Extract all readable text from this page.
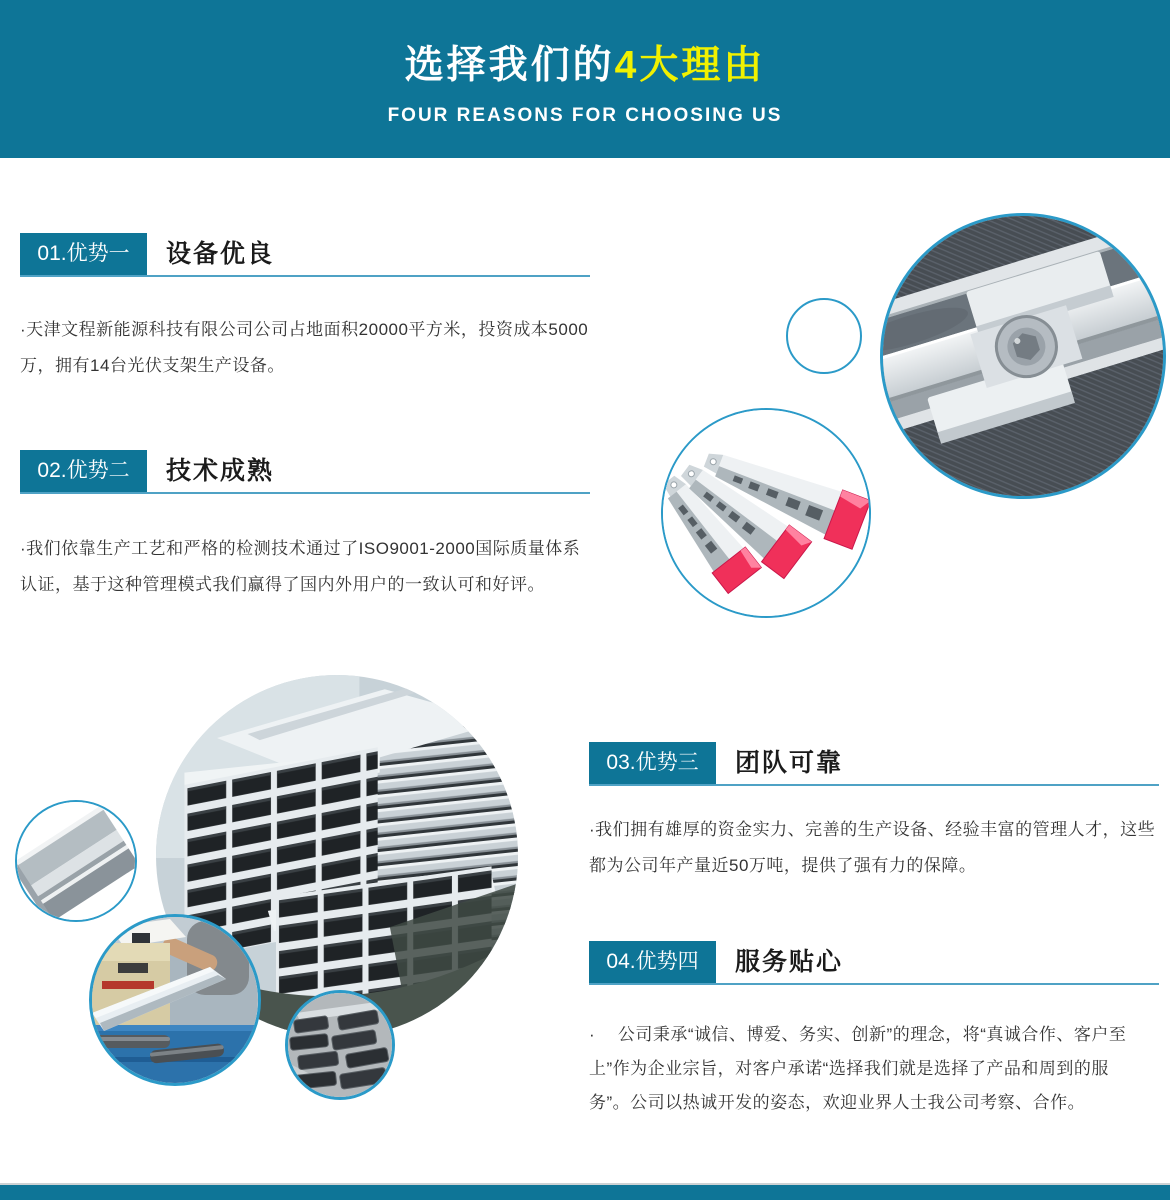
选择我们的4大理由
FOUR REASONS FOR CHOOSING US
01.优势一	设备优良
·天津文程新能源科技有限公司公司占地面积20000平方米，投资成本5000
万，拥有14台光伏支架生产设备。
02.优势二	技术成熟
·我们依靠生产工艺和严格的检测技术通过了ISO9001-2000国际质量体系
认证，基于这种管理模式我们赢得了国内外用户的一致认可和好评。
03.优势三	团队可靠
·我们拥有雄厚的资金实力、完善的生产设备、经验丰富的管理人才，这些
都为公司年产量近50万吨，提供了强有力的保障。
04.优势四	服务贴心
·　 公司秉承“诚信、博爱、务实、创新”的理念，将“真诚合作、客户至
上”作为企业宗旨，对客户承诺“选择我们就是选择了产品和周到的服
务”。公司以热诚开发的姿态，欢迎业界人士我公司考察、合作。
